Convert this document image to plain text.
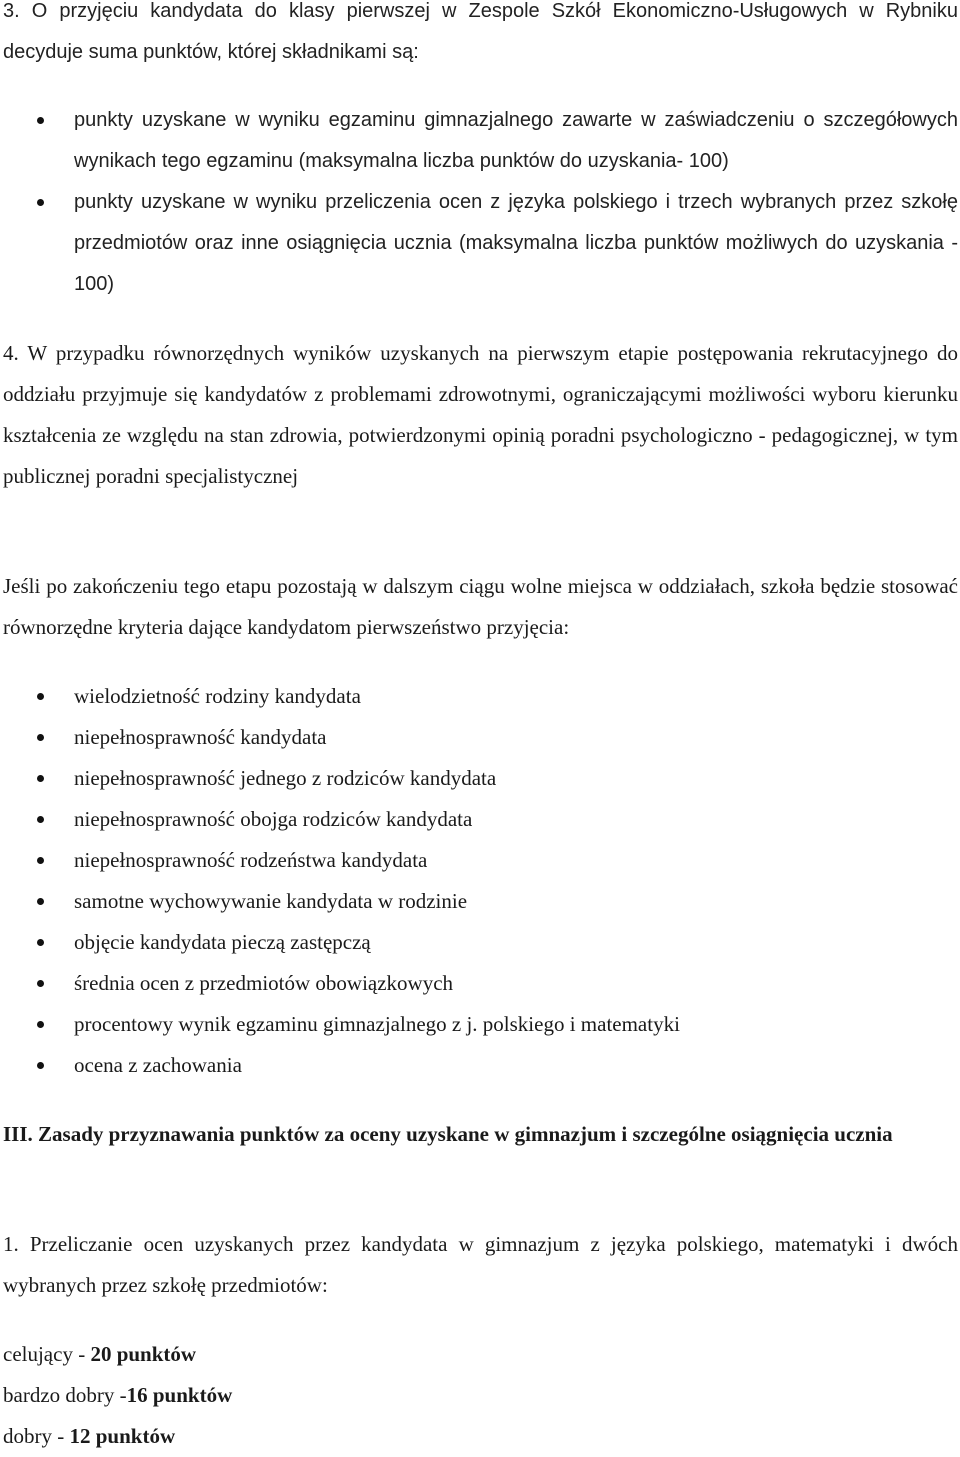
3. O przyjęciu kandydata do klasy pierwszej w Zespole Szkół Ekonomiczno-Usługowych w Rybniku decyduje suma punktów, której składnikami są:

punkty uzyskane w wyniku egzaminu gimnazjalnego zawarte w zaświadczeniu o szczegółowych wynikach tego egzaminu (maksymalna liczba punktów do uzyskania- 100)
punkty uzyskane w wyniku przeliczenia ocen z języka polskiego i trzech wybranych przez szkołę przedmiotów oraz inne osiągnięcia ucznia (maksymalna liczba punktów możliwych do uzyskania - 100)

4. W przypadku równorzędnych wyników uzyskanych na pierwszym etapie postępowania rekrutacyjnego do oddziału przyjmuje się kandydatów z problemami zdrowotnymi, ograniczającymi możliwości wyboru kierunku kształcenia ze względu na stan zdrowia, potwierdzonymi opinią poradni psychologiczno - pedagogicznej, w tym publicznej poradni specjalistycznej

Jeśli po zakończeniu tego etapu pozostają w dalszym ciągu wolne miejsca w oddziałach, szkoła będzie stosować równorzędne kryteria dające kandydatom pierwszeństwo przyjęcia:

wielodzietność rodziny kandydata
niepełnosprawność kandydata
niepełnosprawność jednego z rodziców kandydata
niepełnosprawność obojga rodziców kandydata
niepełnosprawność rodzeństwa kandydata
samotne wychowywanie kandydata w rodzinie
objęcie kandydata pieczą zastępczą
średnia ocen z przedmiotów obowiązkowych
procentowy wynik egzaminu gimnazjalnego z j. polskiego i matematyki
ocena z zachowania

III. Zasady przyznawania punktów za oceny uzyskane w gimnazjum i szczególne osiągnięcia ucznia

1. Przeliczanie ocen uzyskanych przez kandydata w gimnazjum z języka polskiego, matematyki i dwóch wybranych przez szkołę przedmiotów:

celujący - 20 punktów
bardzo dobry -16 punktów
dobry - 12 punktów
